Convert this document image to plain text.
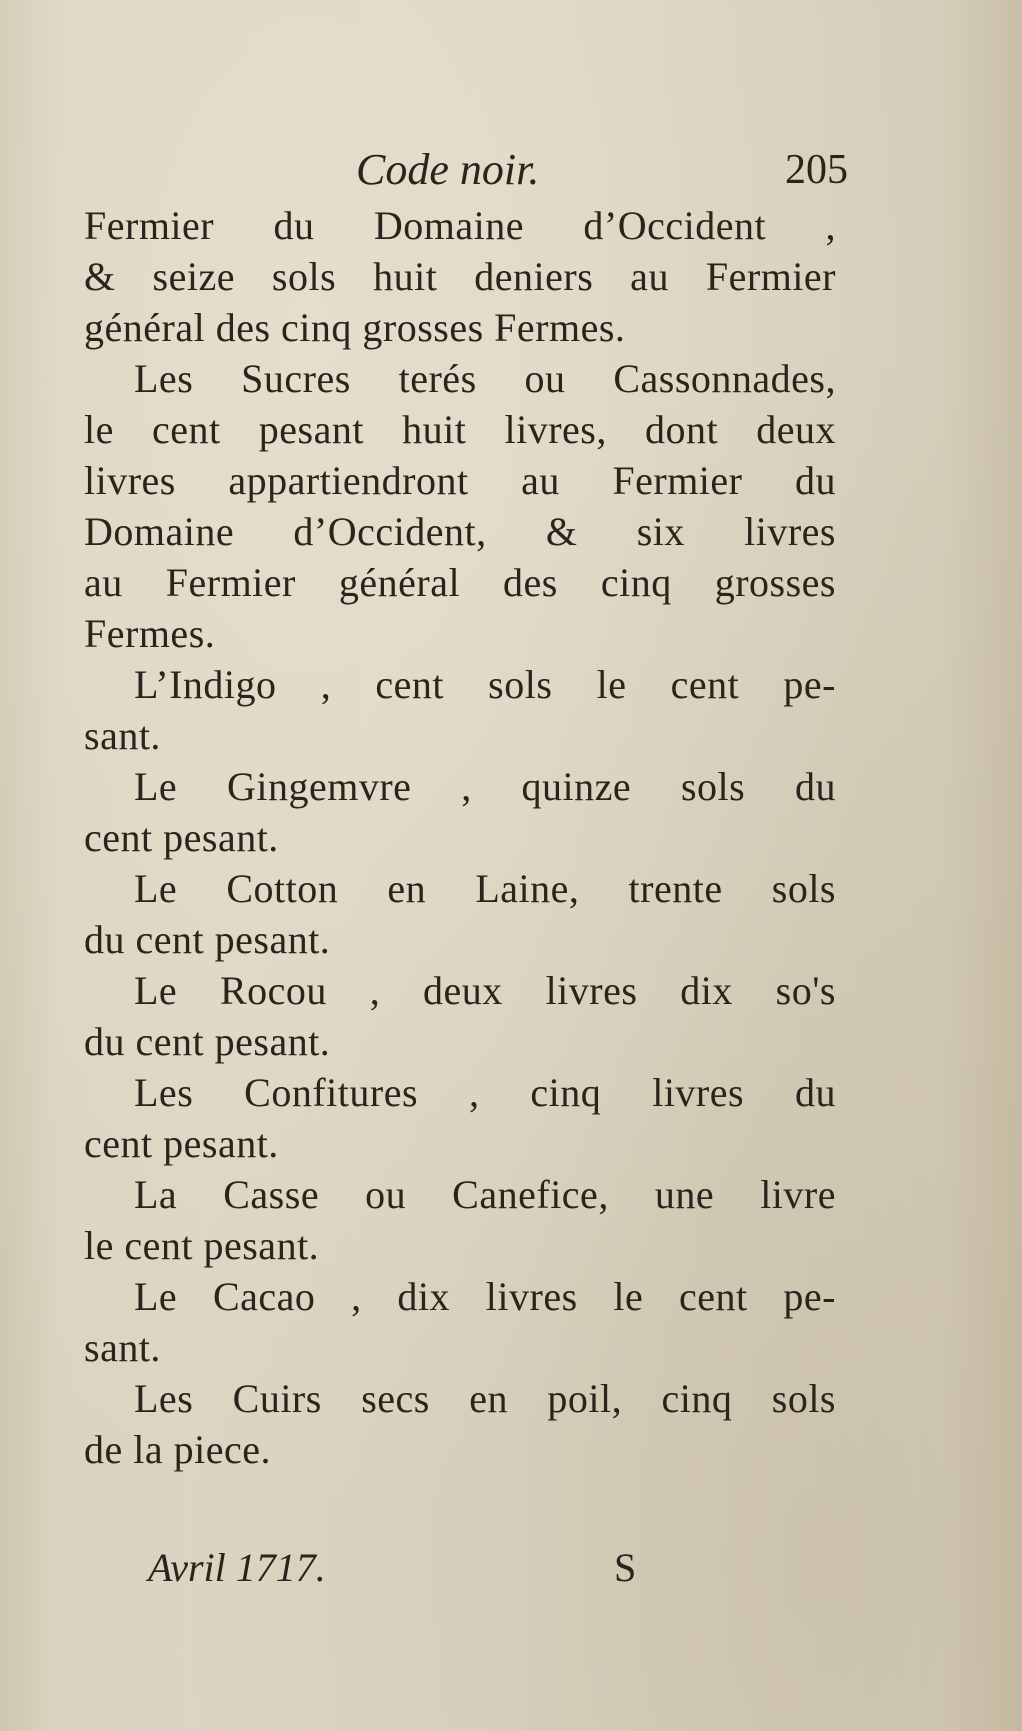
Code noir.	205
Fermier du Domaine d’Occident ,
& seize sols huit deniers au Fermier
général des cinq grosses Fermes.
Les Sucres terés ou Cassonnades,
le cent pesant huit livres, dont deux
livres appartiendront au Fermier du
Domaine d’Occident, & six livres
au Fermier général des cinq grosses
Fermes.
L’Indigo , cent sols le cent pe-
sant.
Le Gingemvre , quinze sols du
cent pesant.
Le Cotton en Laine, trente sols
du cent pesant.
Le Rocou , deux livres dix so's
du cent pesant.
Les Confitures , cinq livres du
cent pesant.
La Casse ou Canefice, une livre
le cent pesant.
Le Cacao , dix livres le cent pe-
sant.
Les Cuirs secs en poil, cinq sols
de la piece.
Avril 1717.	S
